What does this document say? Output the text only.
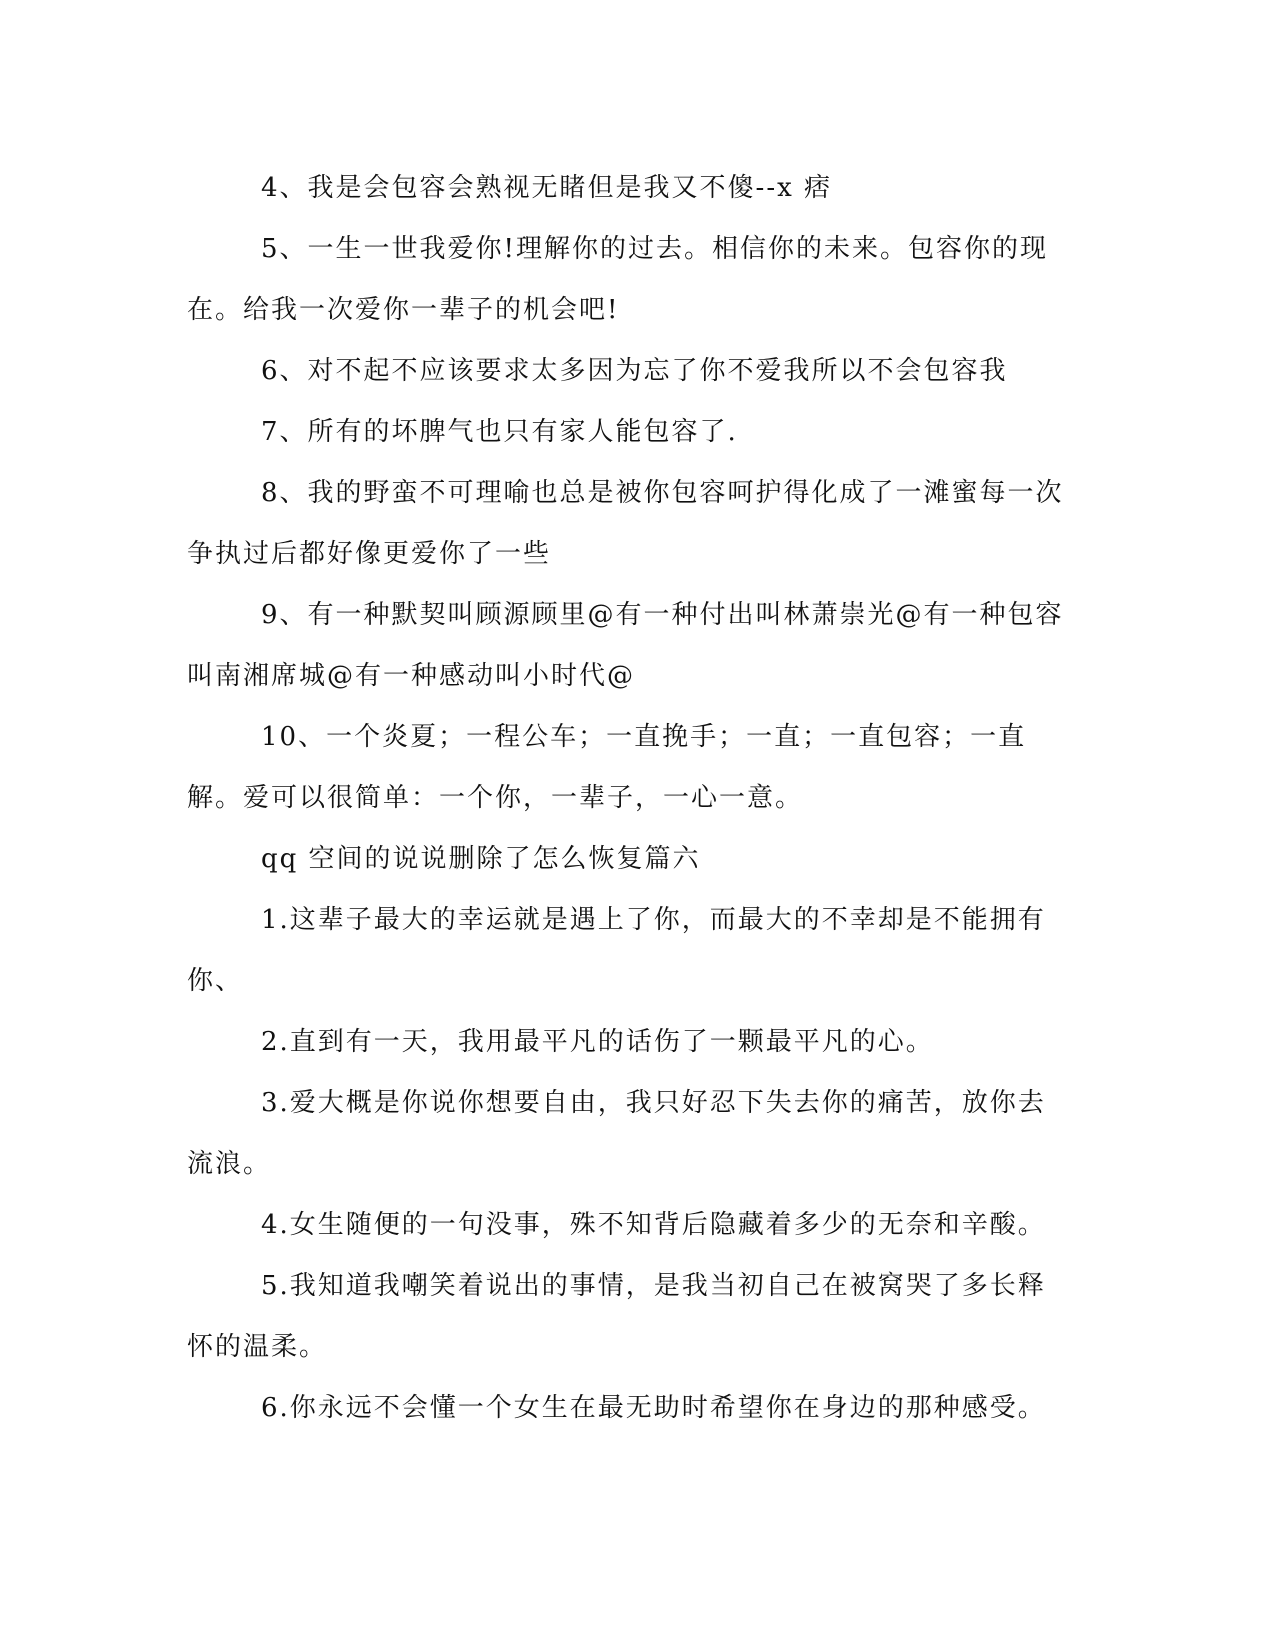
4、我是会包容会熟视无睹但是我又不傻--x 痞

5、一生一世我爱你!理解你的过去。相信你的未来。包容你的现在。给我一次爱你一辈子的机会吧!

6、对不起不应该要求太多因为忘了你不爱我所以不会包容我

7、所有的坏脾气也只有家人能包容了.

8、我的野蛮不可理喻也总是被你包容呵护得化成了一滩蜜每一次争执过后都好像更爱你了一些

9、有一种默契叫顾源顾里@有一种付出叫林萧崇光@有一种包容叫南湘席城@有一种感动叫小时代@

10、一个炎夏；一程公车；一直挽手；一直；一直包容；一直解。爱可以很简单：一个你，一辈子，一心一意。

qq 空间的说说删除了怎么恢复篇六

1.这辈子最大的幸运就是遇上了你，而最大的不幸却是不能拥有你、

2.直到有一天，我用最平凡的话伤了一颗最平凡的心。

3.爱大概是你说你想要自由，我只好忍下失去你的痛苦，放你去流浪。

4.女生随便的一句没事，殊不知背后隐藏着多少的无奈和辛酸。

5.我知道我嘲笑着说出的事情，是我当初自己在被窝哭了多长释怀的温柔。

6.你永远不会懂一个女生在最无助时希望你在身边的那种感受。
